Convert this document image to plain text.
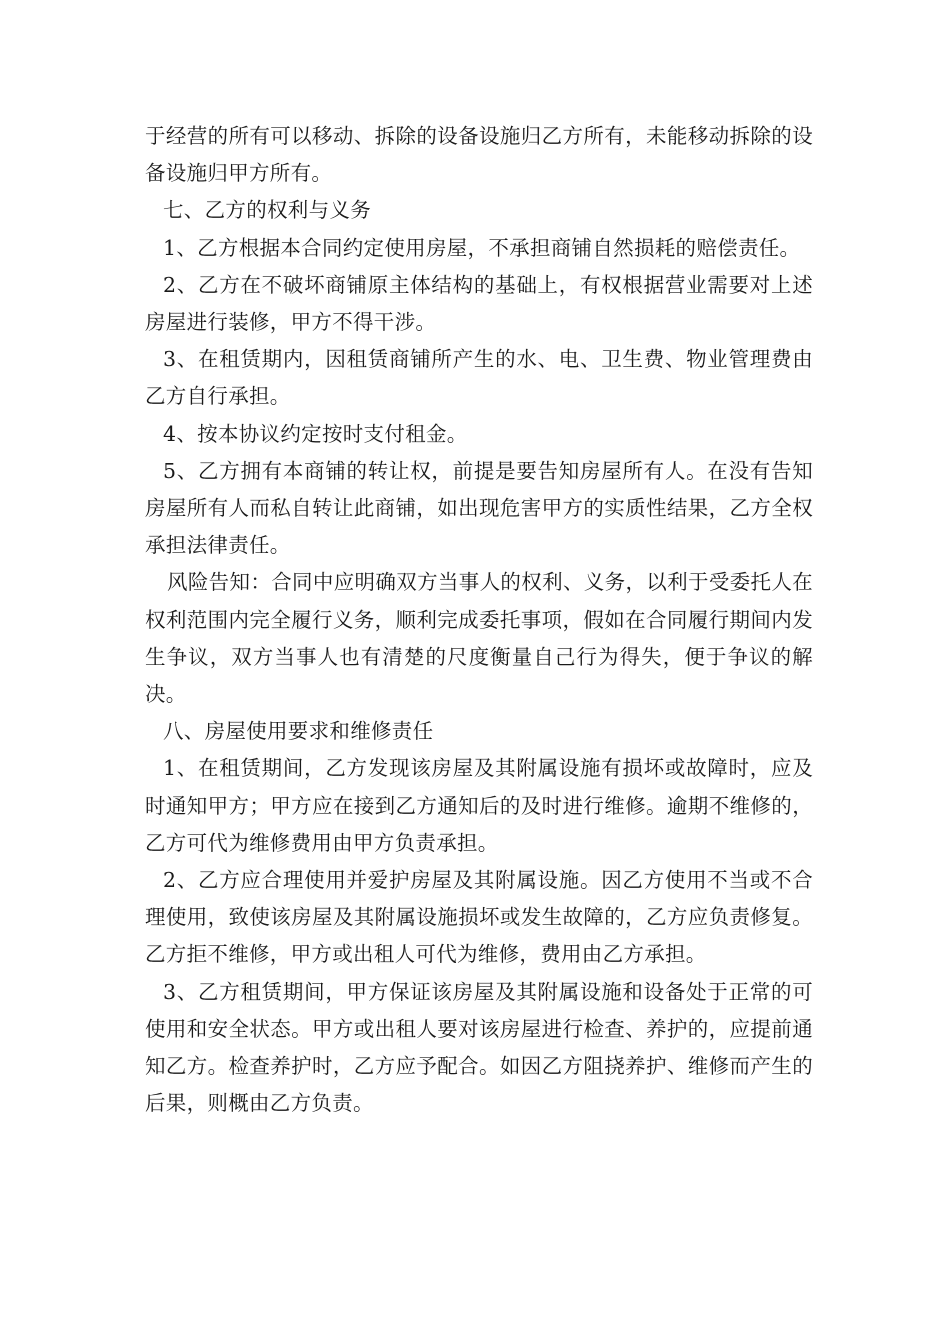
于经营的所有可以移动、拆除的设备设施归乙方所有，未能移动拆除的设备设施归甲方所有。

七、乙方的权利与义务

1、乙方根据本合同约定使用房屋，不承担商铺自然损耗的赔偿责任。

2、乙方在不破坏商铺原主体结构的基础上，有权根据营业需要对上述房屋进行装修，甲方不得干涉。

3、在租赁期内，因租赁商铺所产生的水、电、卫生费、物业管理费由乙方自行承担。

4、按本协议约定按时支付租金。

5、乙方拥有本商铺的转让权，前提是要告知房屋所有人。在没有告知房屋所有人而私自转让此商铺，如出现危害甲方的实质性结果，乙方全权承担法律责任。

风险告知：合同中应明确双方当事人的权利、义务，以利于受委托人在权利范围内完全履行义务，顺利完成委托事项，假如在合同履行期间内发生争议，双方当事人也有清楚的尺度衡量自己行为得失，便于争议的解决。

八、房屋使用要求和维修责任

1、在租赁期间，乙方发现该房屋及其附属设施有损坏或故障时，应及时通知甲方；甲方应在接到乙方通知后的及时进行维修。逾期不维修的，乙方可代为维修费用由甲方负责承担。

2、乙方应合理使用并爱护房屋及其附属设施。因乙方使用不当或不合理使用，致使该房屋及其附属设施损坏或发生故障的，乙方应负责修复。乙方拒不维修，甲方或出租人可代为维修，费用由乙方承担。

3、乙方租赁期间，甲方保证该房屋及其附属设施和设备处于正常的可使用和安全状态。甲方或出租人要对该房屋进行检查、养护的，应提前通知乙方。检查养护时，乙方应予配合。如因乙方阻挠养护、维修而产生的后果，则概由乙方负责。
